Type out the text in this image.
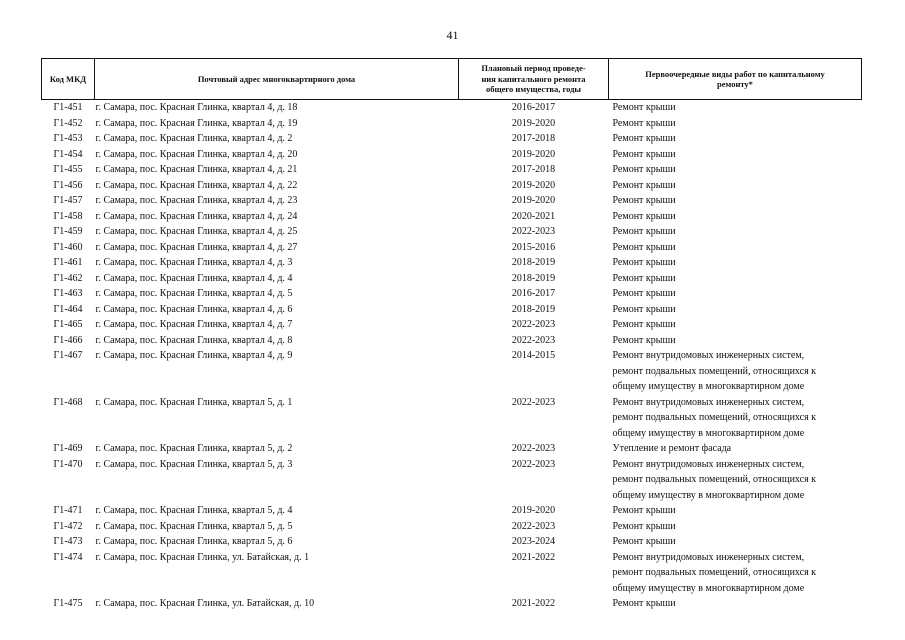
41
Код МКД	Почтовый адрес многоквартирного дома	Плановый период проведе-
ния капитального ремонта
общего имущества, годы	Первоочередные виды работ по капитальному
ремонту*

Г1-451	г. Самара, пос. Красная Глинка, квартал 4, д. 18	2016-2017	Ремонт крыши

Г1-452	г. Самара, пос. Красная Глинка, квартал 4, д. 19	2019-2020	Ремонт крыши

Г1-453	г. Самара, пос. Красная Глинка, квартал 4, д. 2	2017-2018	Ремонт крыши

Г1-454	г. Самара, пос. Красная Глинка, квартал 4, д. 20	2019-2020	Ремонт крыши

Г1-455	г. Самара, пос. Красная Глинка, квартал 4, д. 21	2017-2018	Ремонт крыши

Г1-456	г. Самара, пос. Красная Глинка, квартал 4, д. 22	2019-2020	Ремонт крыши

Г1-457	г. Самара, пос. Красная Глинка, квартал 4, д. 23	2019-2020	Ремонт крыши

Г1-458	г. Самара, пос. Красная Глинка, квартал 4, д. 24	2020-2021	Ремонт крыши

Г1-459	г. Самара, пос. Красная Глинка, квартал 4, д. 25	2022-2023	Ремонт крыши

Г1-460	г. Самара, пос. Красная Глинка, квартал 4, д. 27	2015-2016	Ремонт крыши

Г1-461	г. Самара, пос. Красная Глинка, квартал 4, д. 3	2018-2019	Ремонт крыши

Г1-462	г. Самара, пос. Красная Глинка, квартал 4, д. 4	2018-2019	Ремонт крыши

Г1-463	г. Самара, пос. Красная Глинка, квартал 4, д. 5	2016-2017	Ремонт крыши

Г1-464	г. Самара, пос. Красная Глинка, квартал 4, д. 6	2018-2019	Ремонт крыши

Г1-465	г. Самара, пос. Красная Глинка, квартал 4, д. 7	2022-2023	Ремонт крыши

Г1-466	г. Самара, пос. Красная Глинка, квартал 4, д. 8	2022-2023	Ремонт крыши

Г1-467	г. Самара, пос. Красная Глинка, квартал 4, д. 9	2014-2015	Ремонт внутридомовых инженерных систем,
ремонт подвальных помещений, относящихся к
общему имуществу в многоквартирном доме

Г1-468	г. Самара, пос. Красная Глинка, квартал 5, д. 1	2022-2023	Ремонт внутридомовых инженерных систем,
ремонт подвальных помещений, относящихся к
общему имуществу в многоквартирном доме

Г1-469	г. Самара, пос. Красная Глинка, квартал 5, д. 2	2022-2023	Утепление и ремонт фасада

Г1-470	г. Самара, пос. Красная Глинка, квартал 5, д. 3	2022-2023	Ремонт внутридомовых инженерных систем,
ремонт подвальных помещений, относящихся к
общему имуществу в многоквартирном доме

Г1-471	г. Самара, пос. Красная Глинка, квартал 5, д. 4	2019-2020	Ремонт крыши

Г1-472	г. Самара, пос. Красная Глинка, квартал 5, д. 5	2022-2023	Ремонт крыши

Г1-473	г. Самара, пос. Красная Глинка, квартал 5, д. 6	2023-2024	Ремонт крыши

Г1-474	г. Самара, пос. Красная Глинка, ул. Батайская, д. 1	2021-2022	Ремонт внутридомовых инженерных систем,
ремонт подвальных помещений, относящихся к
общему имуществу в многоквартирном доме

Г1-475	г. Самара, пос. Красная Глинка, ул. Батайская, д. 10	2021-2022	Ремонт крыши
